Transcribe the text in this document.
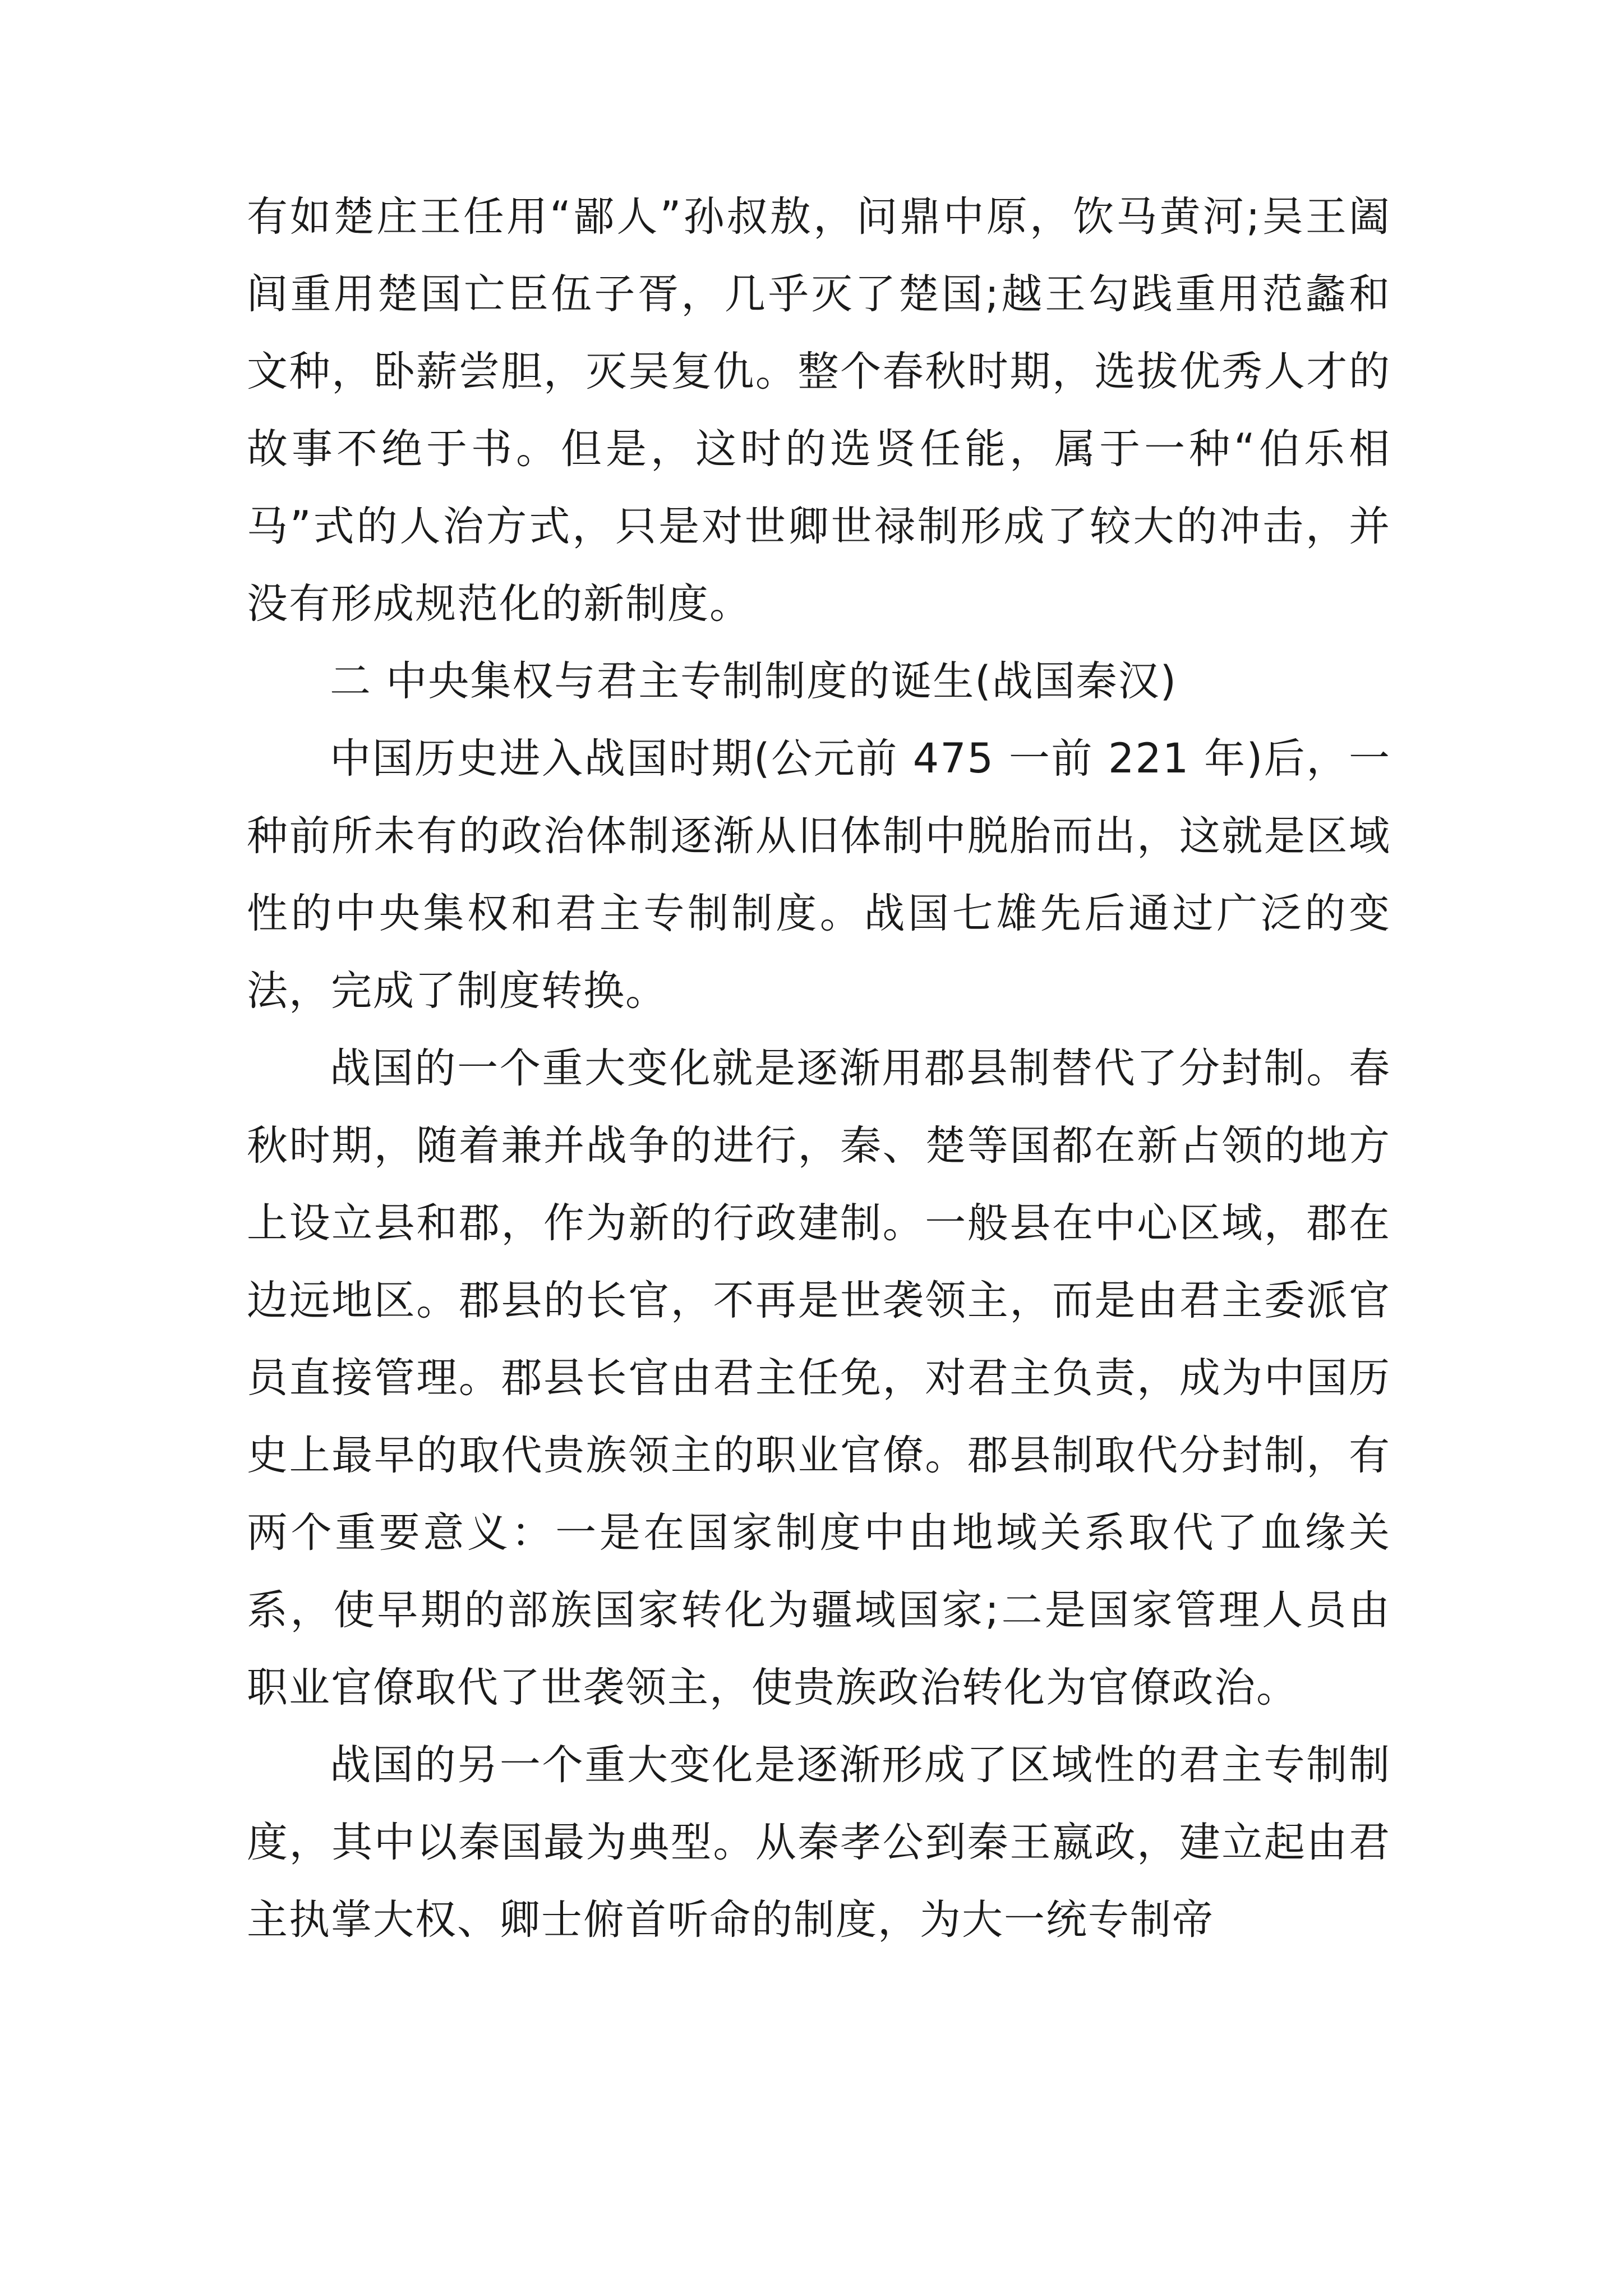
有如楚庄王任用“鄙人”孙叔敖，问鼎中原，饮马黄河;吴王阖闾重用楚国亡臣伍子胥，几乎灭了楚国;越王勾践重用范蠡和文种，卧薪尝胆，灭吴复仇。整个春秋时期，选拔优秀人才的故事不绝于书。但是，这时的选贤任能，属于一种“伯乐相马”式的人治方式，只是对世卿世禄制形成了较大的冲击，并没有形成规范化的新制度。

二 中央集权与君主专制制度的诞生(战国秦汉)

中国历史进入战国时期(公元前 475 一前 221 年)后，一种前所未有的政治体制逐渐从旧体制中脱胎而出，这就是区域性的中央集权和君主专制制度。战国七雄先后通过广泛的变法，完成了制度转换。

战国的一个重大变化就是逐渐用郡县制替代了分封制。春秋时期，随着兼并战争的进行，秦、楚等国都在新占领的地方上设立县和郡，作为新的行政建制。一般县在中心区域，郡在边远地区。郡县的长官，不再是世袭领主，而是由君主委派官员直接管理。郡县长官由君主任免，对君主负责，成为中国历史上最早的取代贵族领主的职业官僚。郡县制取代分封制，有两个重要意义：一是在国家制度中由地域关系取代了血缘关系，使早期的部族国家转化为疆域国家;二是国家管理人员由职业官僚取代了世袭领主，使贵族政治转化为官僚政治。

战国的另一个重大变化是逐渐形成了区域性的君主专制制度，其中以秦国最为典型。从秦孝公到秦王嬴政，建立起由君主执掌大权、卿士俯首听命的制度，为大一统专制帝
